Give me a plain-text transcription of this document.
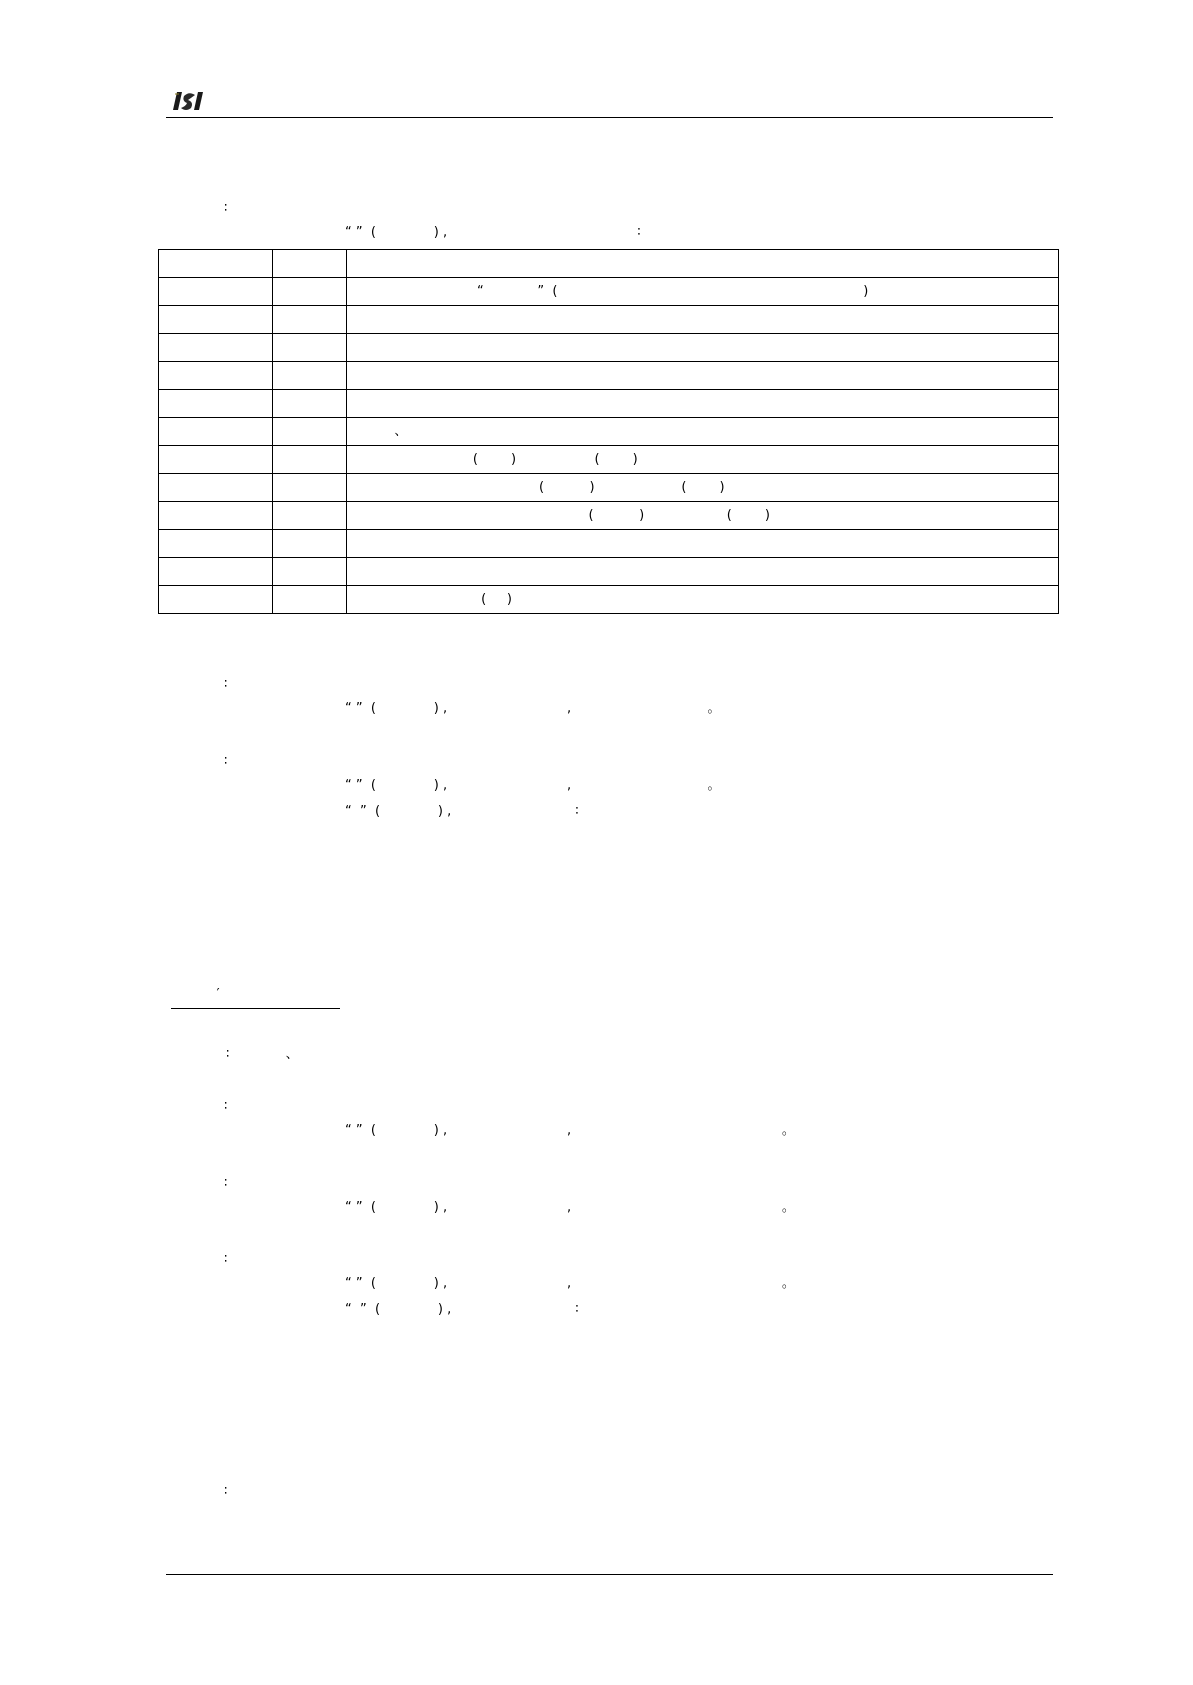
∶
“ ”  (              ) ,                                              ∶

		“             ”  (                                                                          )

		、
		(        )                   (        )
		(           )                     (        )
		(           )                    (        )

		(     )
∶
“ ”  (              ) ,                             ,                                 。
∶
“ ”  (              ) ,                             ,                                 。
“  ”  (              ) ,                              ∶
′
∶ 、
∶
“ ”  (              ) ,                             ,                                                   。
∶
“ ”  (              ) ,                             ,                                                   。
∶
“ ”  (              ) ,                             ,                                                   。
“  ”  (              ) ,                              ∶
∶
